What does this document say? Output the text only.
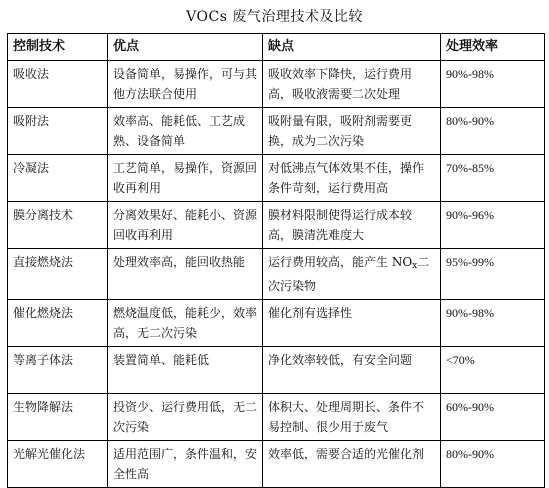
VOCs 废气治理技术及比较
控制技术	优点	缺点	处理效率
吸收法	设备简单，易操作，可与其他方法联合使用	吸收效率下降快，运行费用高，吸收液需要二次处理	90%-98%
吸附法	效率高、能耗低、工艺成熟、设备简单	吸附量有限，吸附剂需要更换，成为二次污染	80%-90%
冷凝法	工艺简单，易操作，资源回收再利用	对低沸点气体效果不佳，操作条件苛刻，运行费用高	70%-85%
膜分离技术	分离效果好、能耗小、资源回收再利用	膜材料限制使得运行成本较高，膜清洗难度大	90%-96%
直接燃烧法	处理效率高，能回收热能	运行费用较高，能产生 $NO_x$二次污染物	95%-99%
催化燃烧法	燃烧温度低，能耗少，效率高，无二次污染	催化剂有选择性	90%-98%
等离子体法	装置简单、能耗低	净化效率较低，有安全问题	<70%
生物降解法	投资少、运行费用低，无二次污染	体积大、处理周期长、条件不易控制、很少用于废气	60%-90%
光解光催化法	适用范围广，条件温和，安全性高	效率低，需要合适的光催化剂	80%-90%
